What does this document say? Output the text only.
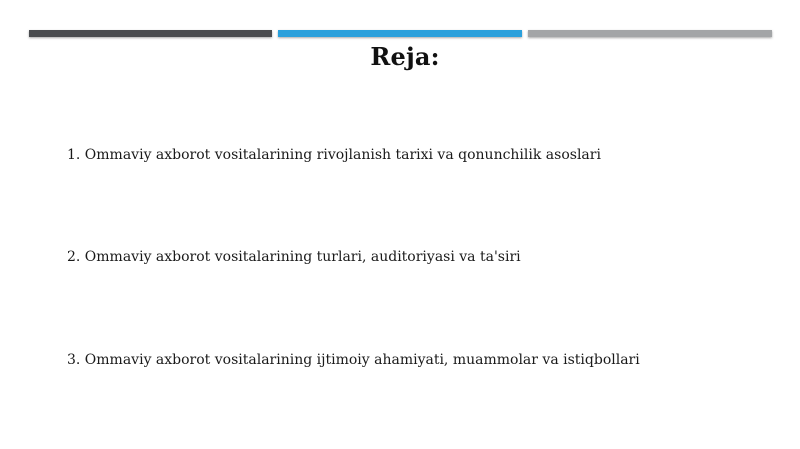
Reja:
1. Ommaviy axborot vositalarining rivojlanish tarixi va qonunchilik asoslari
2. Ommaviy axborot vositalarining turlari, auditoriyasi va ta'siri
3. Ommaviy axborot vositalarining ijtimoiy ahamiyati, muammolar va istiqbollari
